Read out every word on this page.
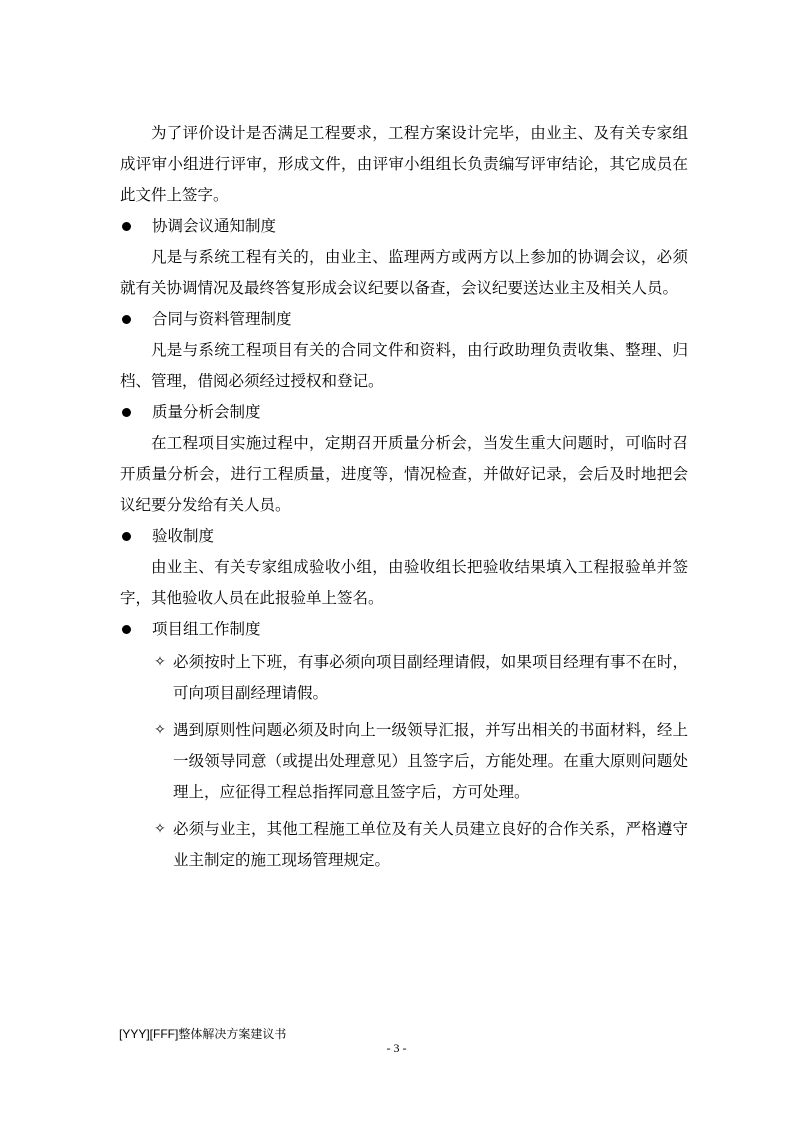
为了评价设计是否满足工程要求，工程方案设计完毕，由业主、及有关专家组成评审小组进行评审，形成文件，由评审小组组长负责编写评审结论，其它成员在此文件上签字。

协调会议通知制度

凡是与系统工程有关的，由业主、监理两方或两方以上参加的协调会议，必须就有关协调情况及最终答复形成会议纪要以备查，会议纪要送达业主及相关人员。

合同与资料管理制度

凡是与系统工程项目有关的合同文件和资料，由行政助理负责收集、整理、归档、管理，借阅必须经过授权和登记。

质量分析会制度

在工程项目实施过程中，定期召开质量分析会，当发生重大问题时，可临时召开质量分析会，进行工程质量，进度等，情况检查，并做好记录，会后及时地把会议纪要分发给有关人员。

验收制度

由业主、有关专家组成验收小组，由验收组长把验收结果填入工程报验单并签字，其他验收人员在此报验单上签名。

项目组工作制度
✧ 必须按时上下班，有事必须向项目副经理请假，如果项目经理有事不在时，可向项目副经理请假。
✧ 遇到原则性问题必须及时向上一级领导汇报，并写出相关的书面材料，经上一级领导同意（或提出处理意见）且签字后，方能处理。在重大原则问题处理上，应征得工程总指挥同意且签字后，方可处理。
✧ 必须与业主，其他工程施工单位及有关人员建立良好的合作关系，严格遵守业主制定的施工现场管理规定。
[YYY][FFF]整体解决方案建议书
- 3 -
